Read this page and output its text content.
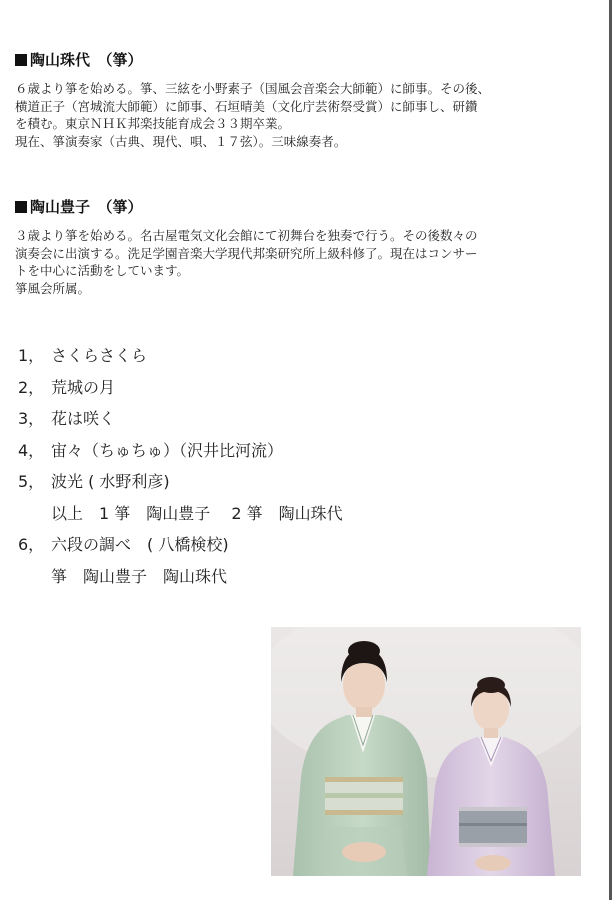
陶山珠代　（箏）

６歳より箏を始める。箏、三絃を小野素子（国風会音楽会大師範）に師事。その後、
横道正子（宮城流大師範）に師事、石垣晴美（文化庁芸術祭受賞）に師事し、研鑽
を積む。東京ＮＨＫ邦楽技能育成会３３期卒業。
現在、箏演奏家（古典、現代、唄、１７弦）。三味線奏者。

陶山豊子　（箏）

３歳より箏を始める。名古屋電気文化会館にて初舞台を独奏で行う。その後数々の
演奏会に出演する。洗足学園音楽大学現代邦楽研究所上級科修了。現在はコンサー
トを中心に活動をしています。
箏風会所属。

1， さくらさくら
2， 荒城の月
3， 花は咲く
4， 宙々（ちゅちゅ）（沢井比河流）
5， 波光 ( 水野利彦)
以上　1 箏　陶山豊子　 2 箏　陶山珠代
6， 六段の調べ　( 八橋検校)
箏　陶山豊子　陶山珠代
